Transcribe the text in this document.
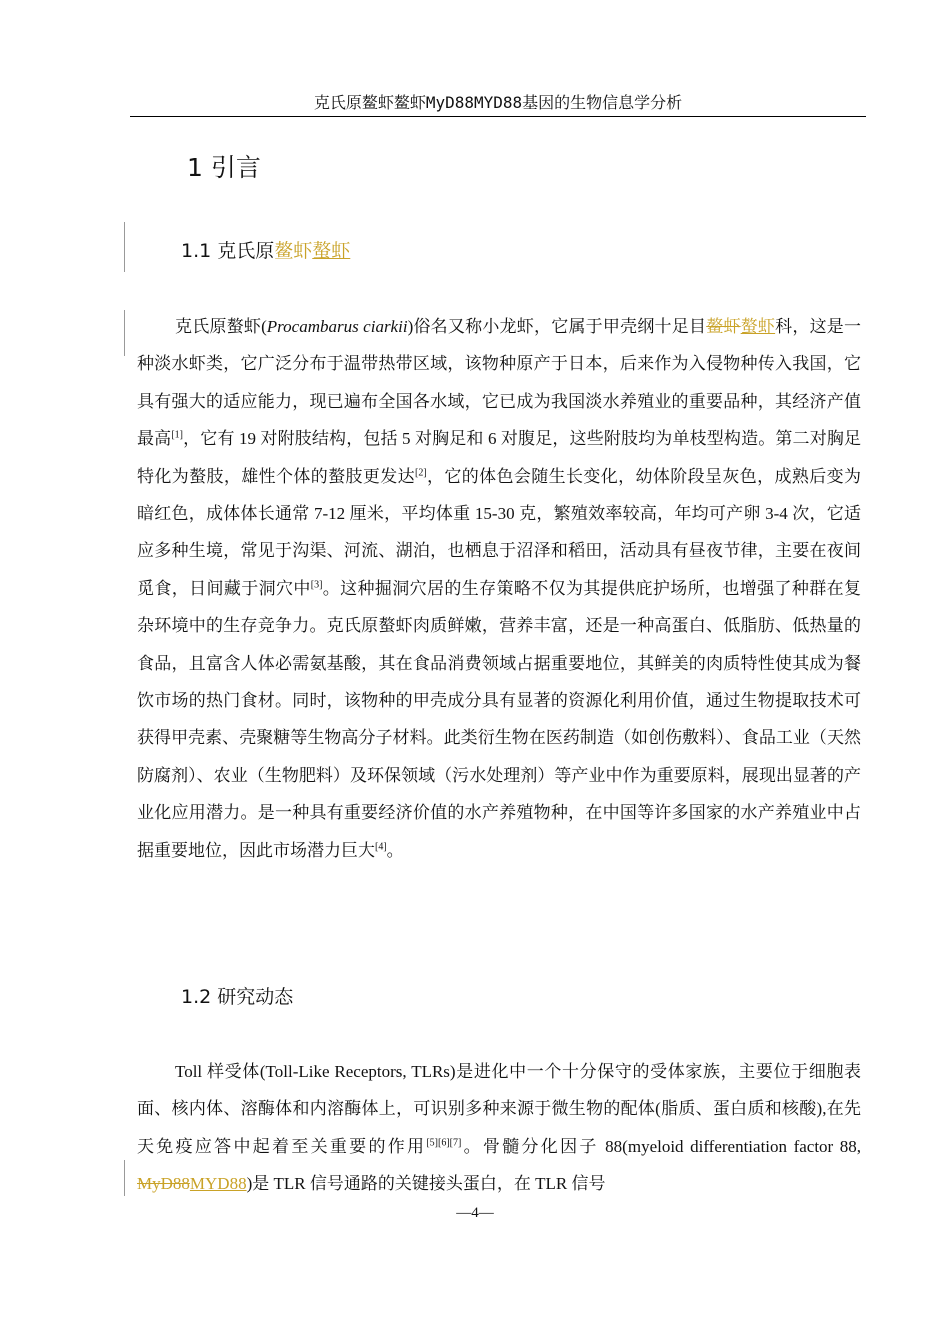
克氏原鳌虾鳌虾MyD88MYD88基因的生物信息学分析
1 引言
1.1 克氏原鳌虾螯虾

克氏原螯虾(Procambarus ciarkii)俗名又称小龙虾，它属于甲壳纲十足目鳌虾螯虾科，这是一种淡水虾类，它广泛分布于温带热带区域，该物种原产于日本，后来作为入侵物种传入我国，它具有强大的适应能力，现已遍布全国各水域，它已成为我国淡水养殖业的重要品种，其经济产值最高[1]，它有 19 对附肢结构，包括 5 对胸足和 6 对腹足，这些附肢均为单枝型构造。第二对胸足特化为螯肢，雄性个体的螯肢更发达[2]，它的体色会随生长变化，幼体阶段呈灰色，成熟后变为暗红色，成体体长通常 7-12 厘米，平均体重 15-30 克，繁殖效率较高，年均可产卵 3-4 次，它适应多种生境，常见于沟渠、河流、湖泊，也栖息于沼泽和稻田，活动具有昼夜节律，主要在夜间觅食，日间藏于洞穴中[3]。这种掘洞穴居的生存策略不仅为其提供庇护场所，也增强了种群在复杂环境中的生存竞争力。克氏原螯虾肉质鲜嫩，营养丰富，还是一种高蛋白、低脂肪、低热量的食品，且富含人体必需氨基酸，其在食品消费领域占据重要地位，其鲜美的肉质特性使其成为餐饮市场的热门食材。同时，该物种的甲壳成分具有显著的资源化利用价值，通过生物提取技术可获得甲壳素、壳聚糖等生物高分子材料。此类衍生物在医药制造（如创伤敷料）、食品工业（天然防腐剂）、农业（生物肥料）及环保领域（污水处理剂）等产业中作为重要原料，展现出显著的产业化应用潜力。是一种具有重要经济价值的水产养殖物种，在中国等许多国家的水产养殖业中占据重要地位，因此市场潜力巨大[4]。

1.2 研究动态

Toll 样受体(Toll-Like Receptors, TLRs)是进化中一个十分保守的受体家族，主要位于细胞表面、核内体、溶酶体和内溶酶体上，可识别多种来源于微生物的配体(脂质、蛋白质和核酸),在先天免疫应答中起着至关重要的作用[5][6][7]。骨髓分化因子 88(myeloid differentiation factor 88, MyD88MYD88)是 TLR 信号通路的关键接头蛋白，在 TLR 信号

—4—
